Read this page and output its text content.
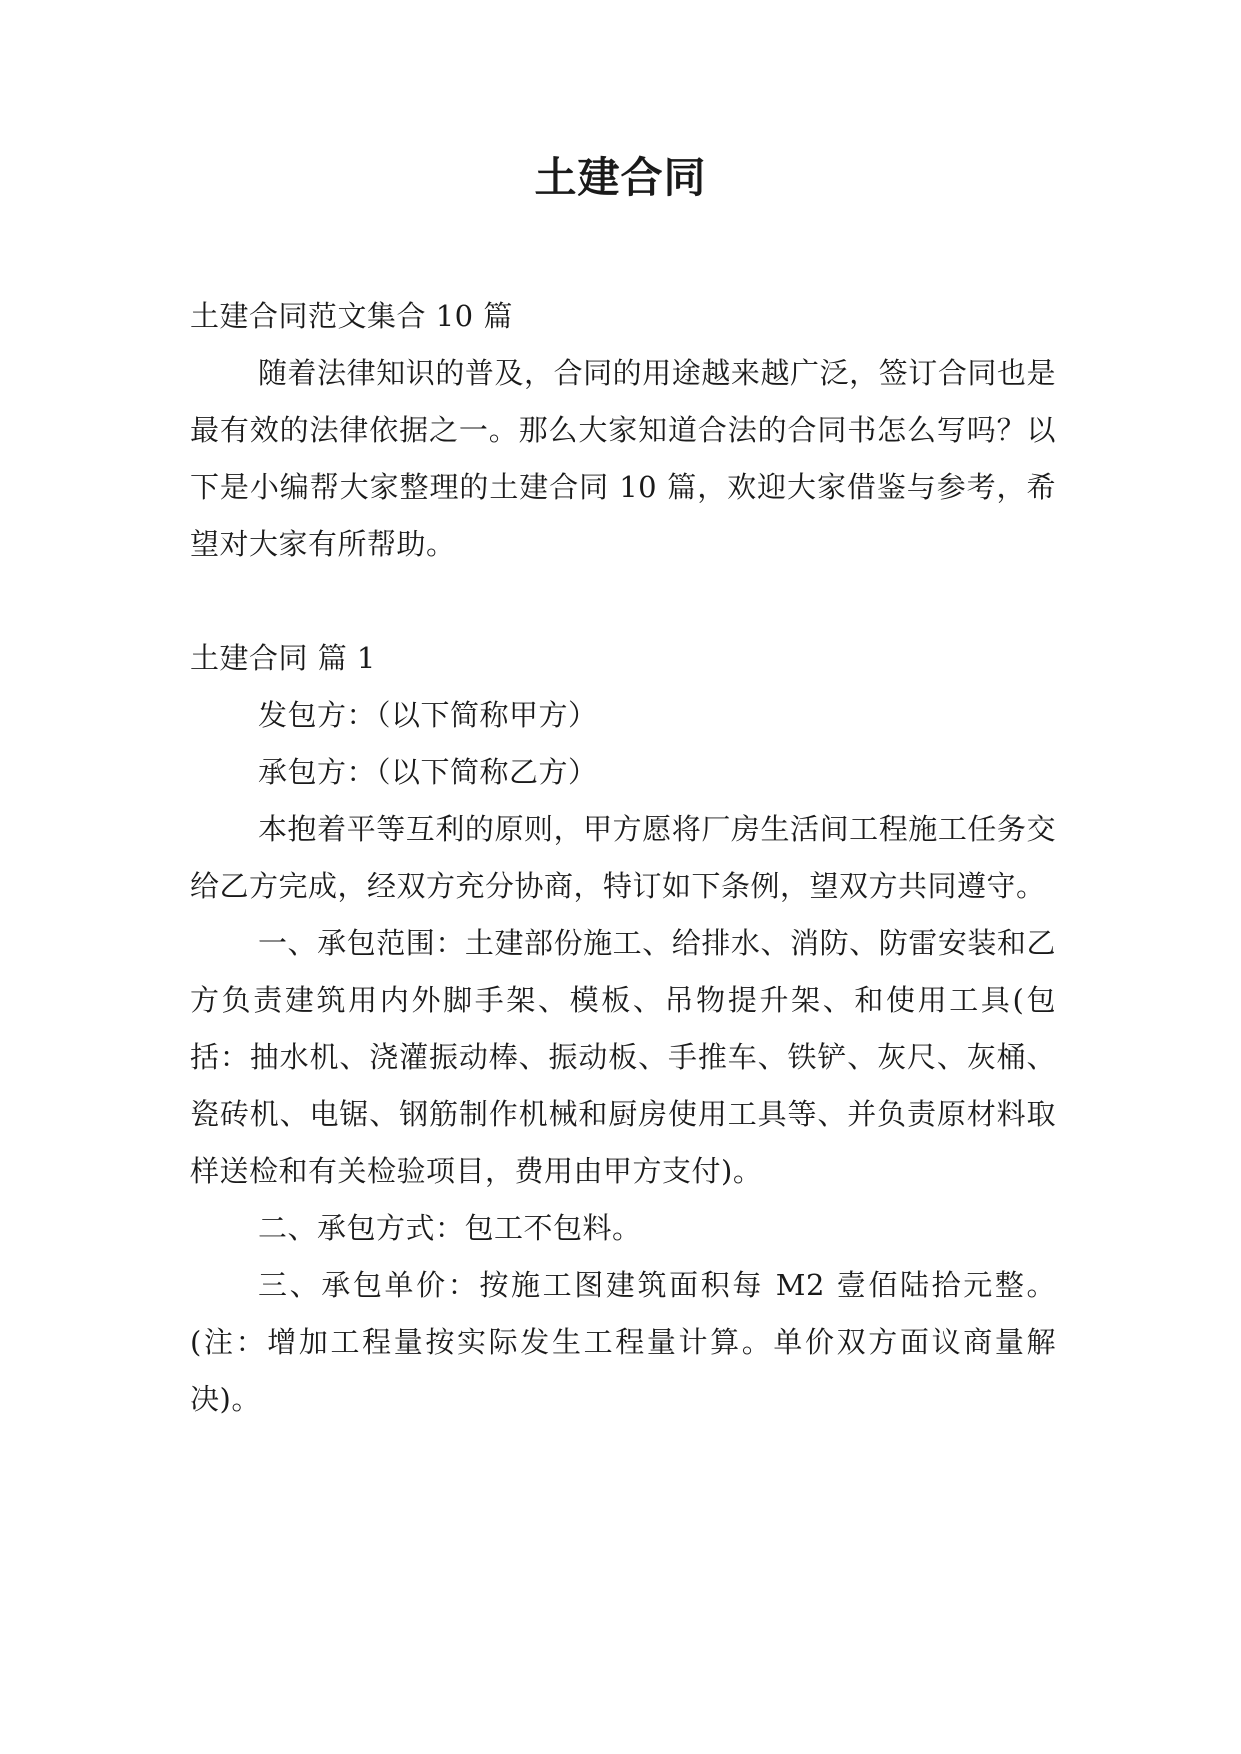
土建合同

土建合同范文集合 10 篇

随着法律知识的普及，合同的用途越来越广泛，签订合同也是最有效的法律依据之一。那么大家知道合法的合同书怎么写吗？以下是小编帮大家整理的土建合同 10 篇，欢迎大家借鉴与参考，希望对大家有所帮助。

土建合同 篇 1

发包方：（以下简称甲方）

承包方：（以下简称乙方）

本抱着平等互利的原则，甲方愿将厂房生活间工程施工任务交给乙方完成，经双方充分协商，特订如下条例，望双方共同遵守。

一、承包范围：土建部份施工、给排水、消防、防雷安装和乙方负责建筑用内外脚手架、模板、吊物提升架、和使用工具(包括：抽水机、浇灌振动棒、振动板、手推车、铁铲、灰尺、灰桶、瓷砖机、电锯、钢筋制作机械和厨房使用工具等、并负责原材料取样送检和有关检验项目，费用由甲方支付)。

二、承包方式：包工不包料。

三、承包单价：按施工图建筑面积每 M2 壹佰陆拾元整。(注：增加工程量按实际发生工程量计算。单价双方面议商量解决)。
